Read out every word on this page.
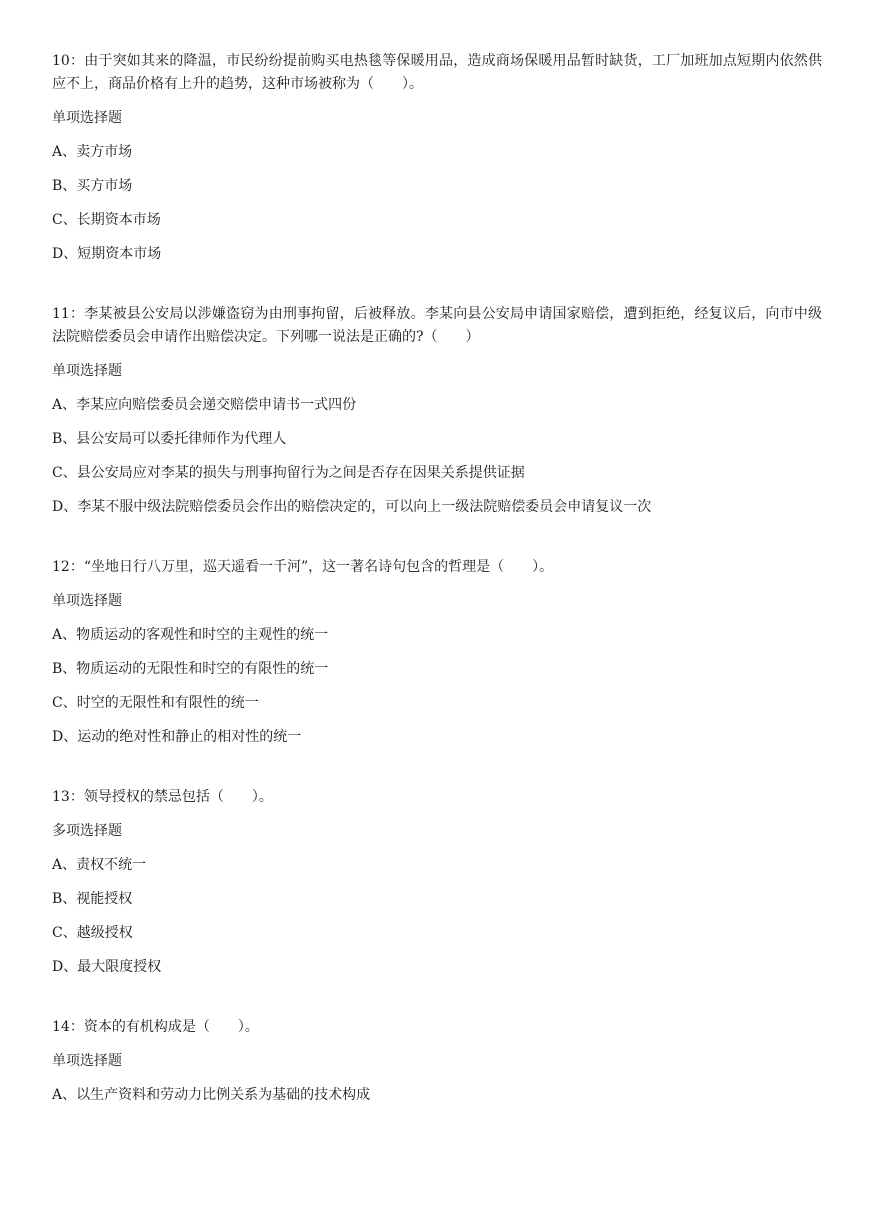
10：由于突如其来的降温，市民纷纷提前购买电热毯等保暖用品，造成商场保暖用品暂时缺货，工厂加班加点短期内依然供应不上，商品价格有上升的趋势，这种市场被称为（　　）。

单项选择题
A、卖方市场
B、买方市场
C、长期资本市场
D、短期资本市场

11：李某被县公安局以涉嫌盗窃为由刑事拘留，后被释放。李某向县公安局申请国家赔偿，遭到拒绝，经复议后，向市中级法院赔偿委员会申请作出赔偿决定。下列哪一说法是正确的?（　　）

单项选择题
A、李某应向赔偿委员会递交赔偿申请书一式四份
B、县公安局可以委托律师作为代理人
C、县公安局应对李某的损失与刑事拘留行为之间是否存在因果关系提供证据
D、李某不服中级法院赔偿委员会作出的赔偿决定的，可以向上一级法院赔偿委员会申请复议一次

12：“坐地日行八万里，巡天遥看一千河”，这一著名诗句包含的哲理是（　　）。

单项选择题
A、物质运动的客观性和时空的主观性的统一
B、物质运动的无限性和时空的有限性的统一
C、时空的无限性和有限性的统一
D、运动的绝对性和静止的相对性的统一

13：领导授权的禁忌包括（　　）。

多项选择题
A、责权不统一
B、视能授权
C、越级授权
D、最大限度授权

14：资本的有机构成是（　　）。

单项选择题
A、以生产资料和劳动力比例关系为基础的技术构成
